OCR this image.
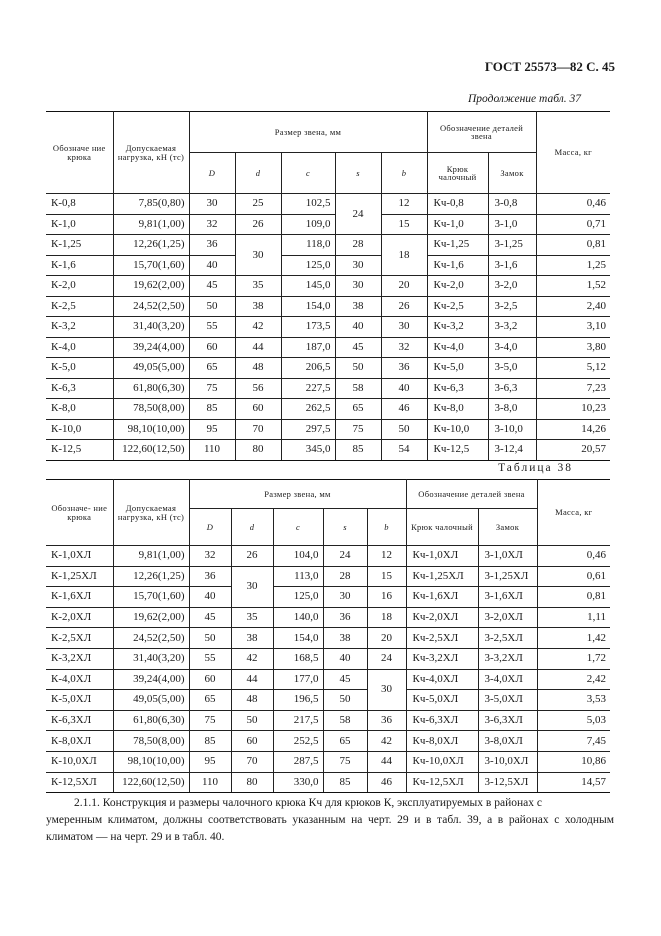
ГОСТ 25573—82 С. 45
Продолжение табл. 37
Обозначе ние крюка	Допускаемая нагрузка, кН (тс)	Размер звена, мм					Обозначение деталей звена		Масса, кг
		D	d	c	s	b	Крюк чалочный	Замок	
К-0,8	7,85(0,80)	30	25	102,5	24	12	Кч-0,8	3-0,8	0,46
К-1,0	9,81(1,00)	32	26	109,0		15	Кч-1,0	3-1,0	0,71
К-1,25	12,26(1,25)	36	30	118,0	28	18	Кч-1,25	3-1,25	0,81
К-1,6	15,70(1,60)	40		125,0	30		Кч-1,6	3-1,6	1,25
К-2,0	19,62(2,00)	45	35	145,0	30	20	Кч-2,0	3-2,0	1,52
К-2,5	24,52(2,50)	50	38	154,0	38	26	Кч-2,5	3-2,5	2,40
К-3,2	31,40(3,20)	55	42	173,5	40	30	Кч-3,2	3-3,2	3,10
К-4,0	39,24(4,00)	60	44	187,0	45	32	Кч-4,0	3-4,0	3,80
К-5,0	49,05(5,00)	65	48	206,5	50	36	Кч-5,0	3-5,0	5,12
К-6,3	61,80(6,30)	75	56	227,5	58	40	Кч-6,3	3-6,3	7,23
К-8,0	78,50(8,00)	85	60	262,5	65	46	Кч-8,0	3-8,0	10,23
К-10,0	98,10(10,00)	95	70	297,5	75	50	Кч-10,0	3-10,0	14,26
К-12,5	122,60(12,50)	110	80	345,0	85	54	Кч-12,5	3-12,4	20,57
Таблица 38
Обозначе- ние крюка	Допускаемая нагрузка, кН (тс)	Размер звена, мм					Обозначение деталей звена		Масса, кг
		D	d	c	s	b	Крюк чалочный	Замок	
К-1,0ХЛ	9,81(1,00)	32	26	104,0	24	12	Кч-1,0ХЛ	3-1,0ХЛ	0,46
К-1,25ХЛ	12,26(1,25)	36	30	113,0	28	15	Кч-1,25ХЛ	3-1,25ХЛ	0,61
К-1,6ХЛ	15,70(1,60)	40		125,0	30	16	Кч-1,6ХЛ	3-1,6ХЛ	0,81
К-2,0ХЛ	19,62(2,00)	45	35	140,0	36	18	Кч-2,0ХЛ	3-2,0ХЛ	1,11
К-2,5ХЛ	24,52(2,50)	50	38	154,0	38	20	Кч-2,5ХЛ	3-2,5ХЛ	1,42
К-3,2ХЛ	31,40(3,20)	55	42	168,5	40	24	Кч-3,2ХЛ	3-3,2ХЛ	1,72
К-4,0ХЛ	39,24(4,00)	60	44	177,0	45	30	Кч-4,0ХЛ	3-4,0ХЛ	2,42
К-5,0ХЛ	49,05(5,00)	65	48	196,5	50		Кч-5,0ХЛ	3-5,0ХЛ	3,53
К-6,3ХЛ	61,80(6,30)	75	50	217,5	58	36	Кч-6,3ХЛ	3-6,3ХЛ	5,03
К-8,0ХЛ	78,50(8,00)	85	60	252,5	65	42	Кч-8,0ХЛ	3-8,0ХЛ	7,45
К-10,0ХЛ	98,10(10,00)	95	70	287,5	75	44	Кч-10,0ХЛ	3-10,0ХЛ	10,86
К-12,5ХЛ	122,60(12,50)	110	80	330,0	85	46	Кч-12,5ХЛ	3-12,5ХЛ	14,57
2.1.1. Конструкция и размеры чалочного крюка Кч для крюков К, эксплуатируемых в районах с
умеренным климатом, должны соответствовать указанным на черт. 29 и в табл. 39, а в районах с холодным климатом — на черт. 29 и в табл. 40.
